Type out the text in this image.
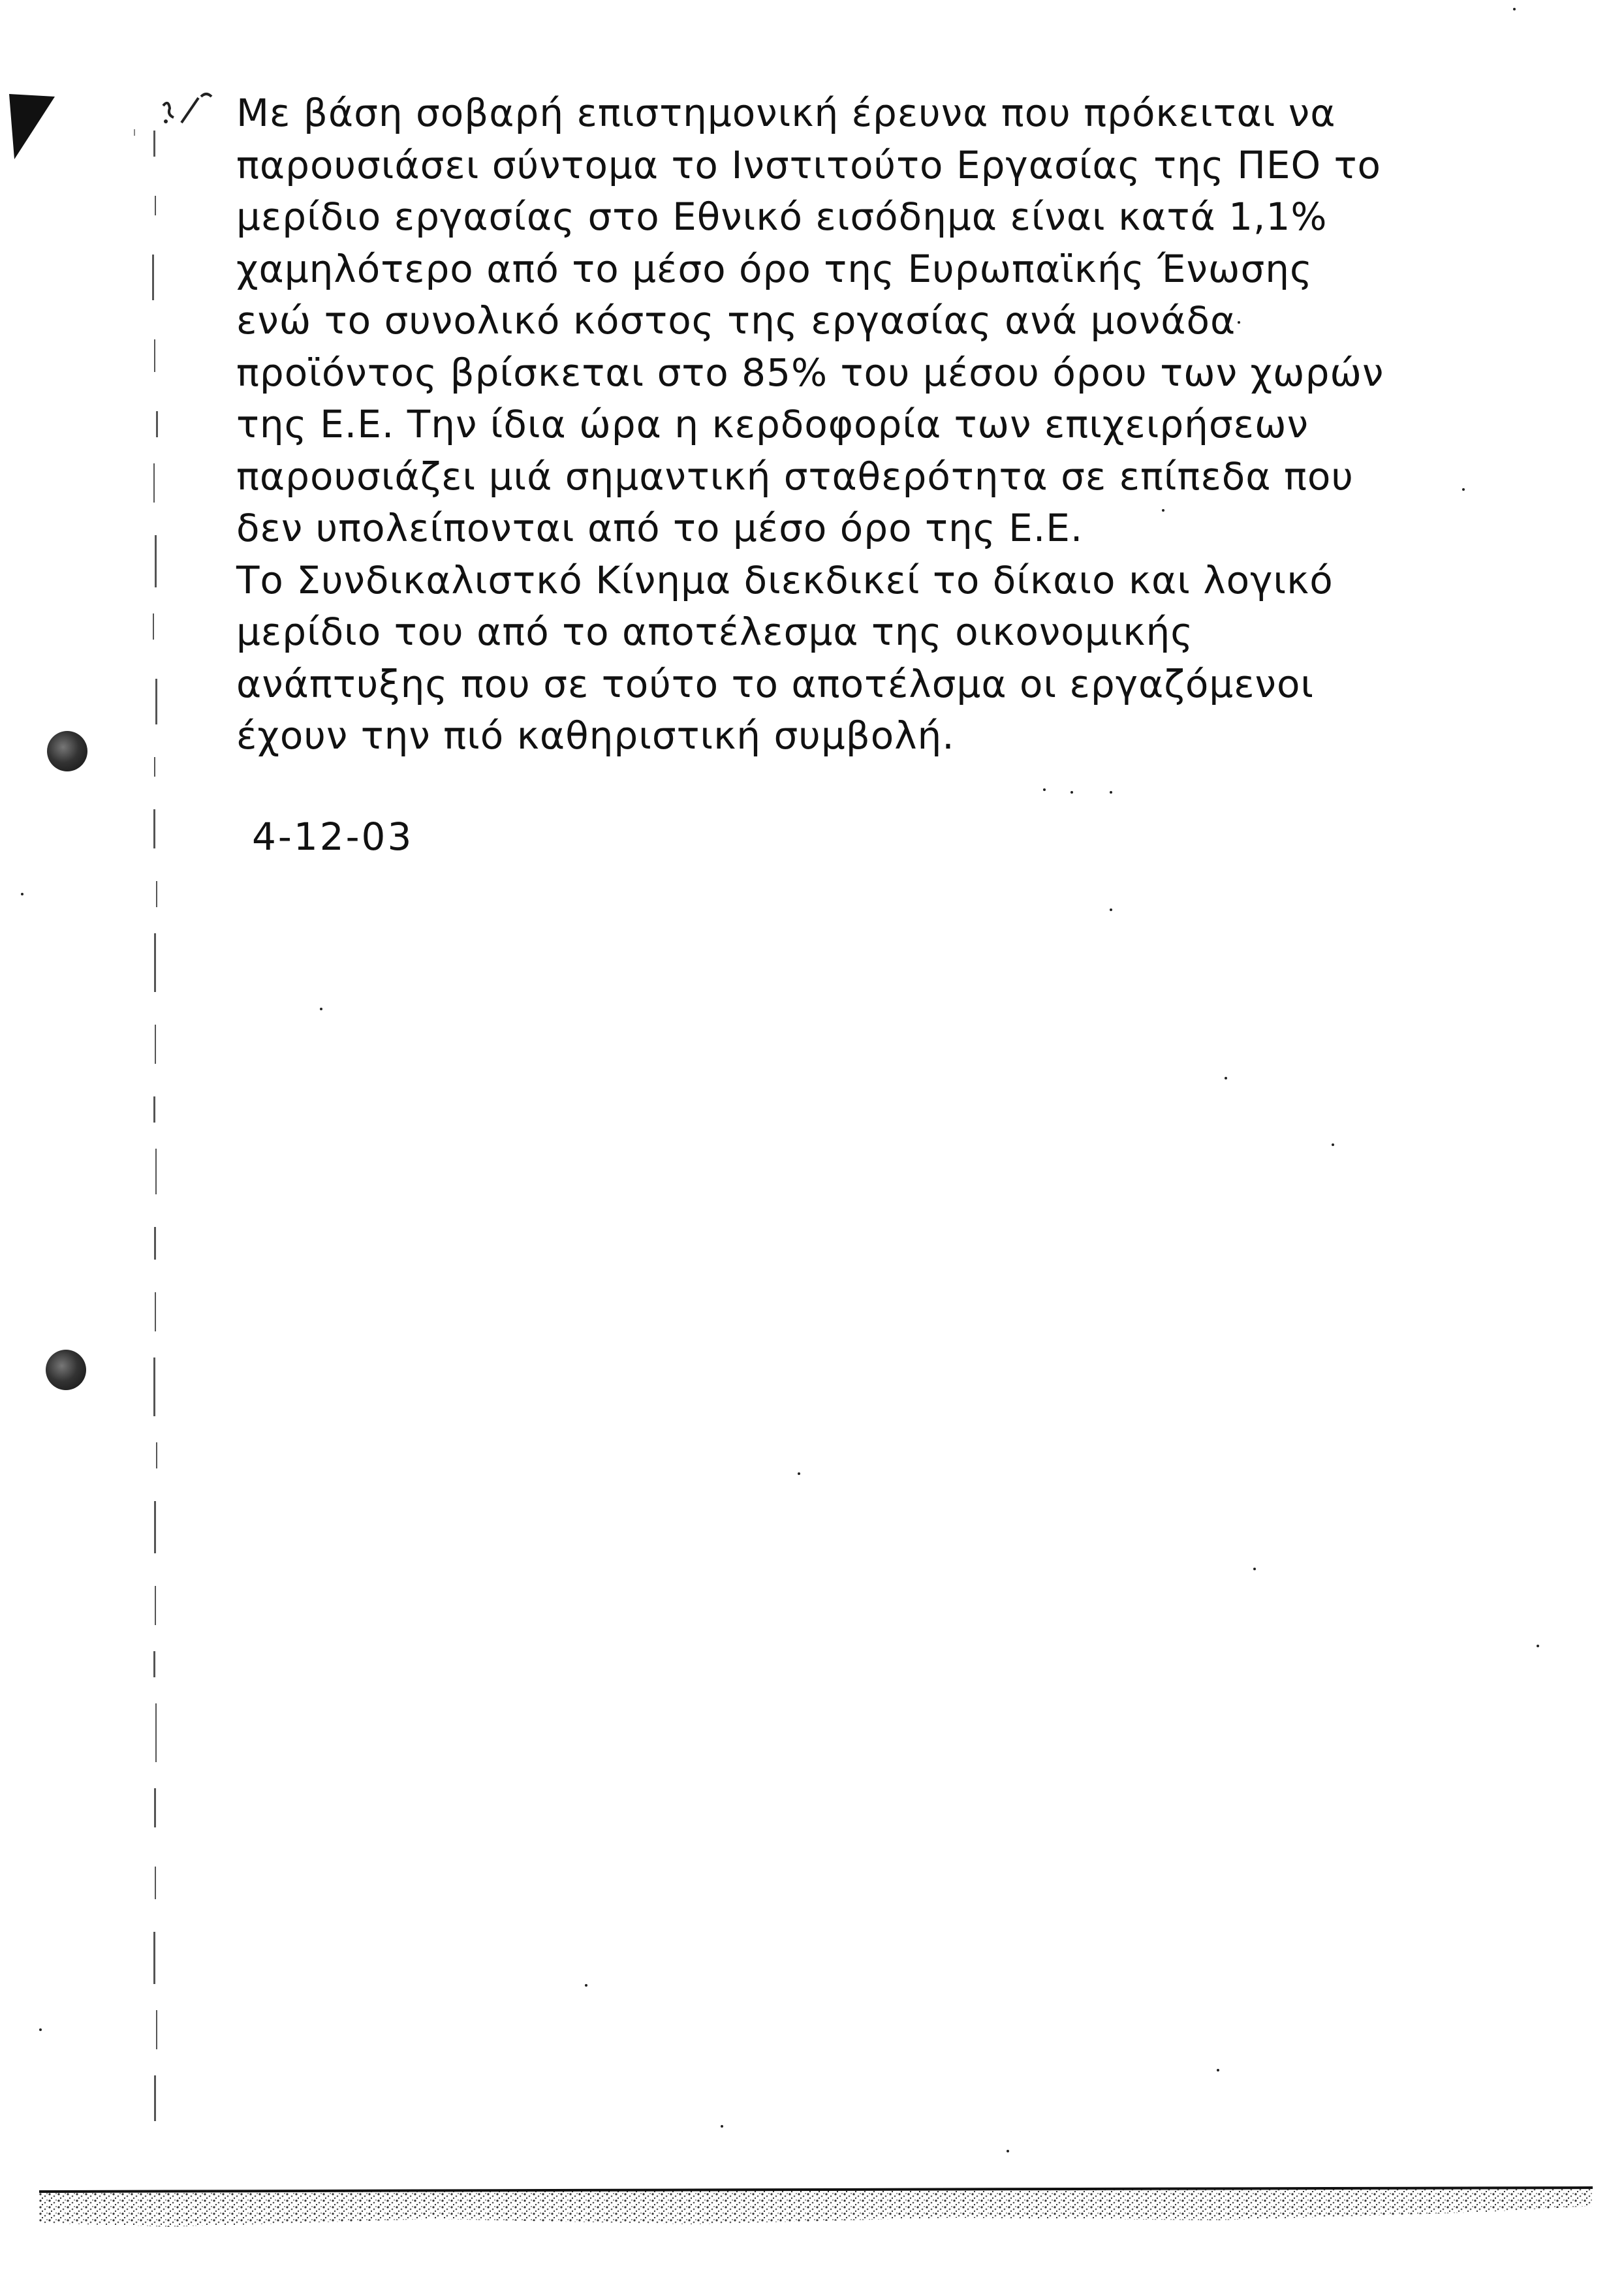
Με βάση σοβαρή επιστημονική έρευνα που πρόκειται να
παρουσιάσει σύντομα το Ινστιτούτο Εργασίας της ΠΕΟ το
μερίδιο εργασίας στο Εθνικό εισόδημα είναι κατά 1,1%
χαμηλότερο από το μέσο όρο της Ευρωπαϊκής Ένωσης
ενώ το συνολικό κόστος της εργασίας ανά μονάδα
προϊόντος βρίσκεται στο 85% του μέσου όρου των χωρών
της Ε.Ε. Την ίδια ώρα η κερδοφορία των επιχειρήσεων
παρουσιάζει μιά σημαντική σταθερότητα σε επίπεδα που
δεν υπολείπονται από το μέσο όρο της Ε.Ε.
Το Συνδικαλιστκό Κίνημα διεκδικεί το δίκαιο και λογικό
μερίδιο του από το αποτέλεσμα της οικονομικής
ανάπτυξης που σε τούτο το αποτέλσμα οι εργαζόμενοι
έχουν την πιό καθηριστική συμβολή.
4-12-03
